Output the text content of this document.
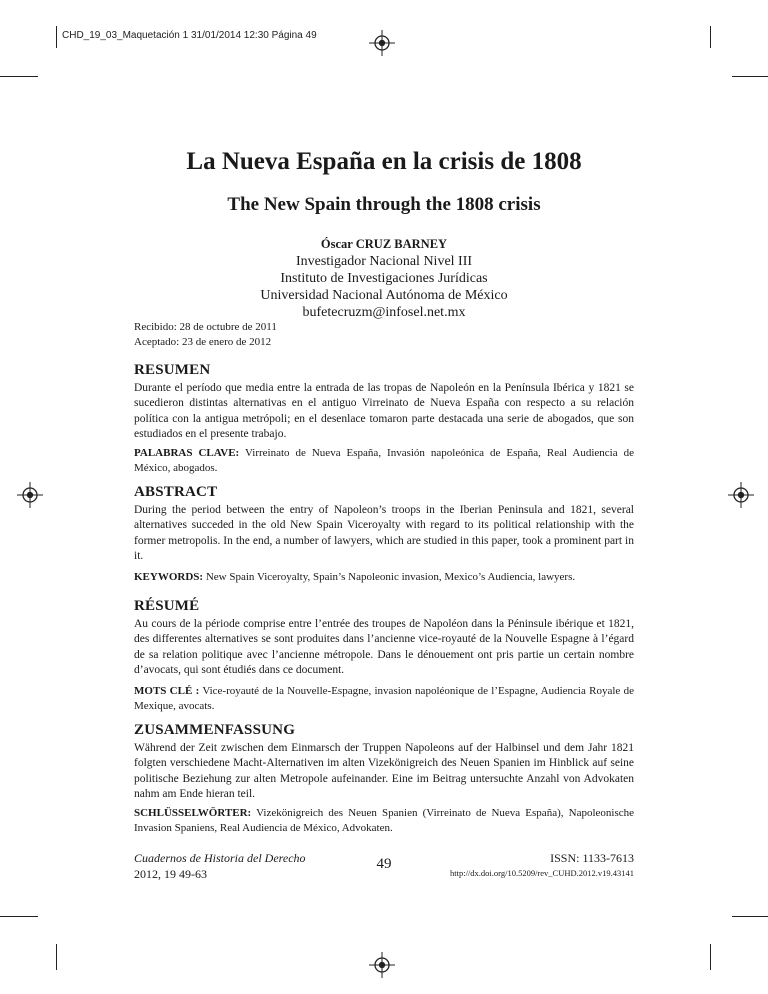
CHD_19_03_Maquetación 1 31/01/2014 12:30 Página 49
La Nueva España en la crisis de 1808
The New Spain through the 1808 crisis
Óscar CRUZ BARNEY
Investigador Nacional Nivel III
Instituto de Investigaciones Jurídicas
Universidad Nacional Autónoma de México
bufetecruzm@infosel.net.mx
Recibido: 28 de octubre de 2011
Aceptado: 23 de enero de 2012
RESUMEN

Durante el período que media entre la entrada de las tropas de Napoleón en la Península Ibérica y 1821 se sucedieron distintas alternativas en el antiguo Virreinato de Nueva España con respecto a su relación política con la antigua metrópoli; en el desenlace tomaron parte destacada una serie de abogados, que son estudiados en el presente trabajo.

PALABRAS CLAVE: Virreinato de Nueva España, Invasión napoleónica de España, Real Audiencia de México, abogados.

ABSTRACT

During the period between the entry of Napoleon’s troops in the Iberian Peninsula and 1821, several alternatives succeded in the old New Spain Viceroyalty with regard to its political relationship with the former metropolis. In the end, a number of lawyers, which are studied in this paper, took a prominent part in it.

KEYWORDS: New Spain Viceroyalty, Spain’s Napoleonic invasion, Mexico’s Audiencia, lawyers.

RÉSUMÉ

Au cours de la période comprise entre l’entrée des troupes de Napoléon dans la Péninsule ibérique et 1821, des differentes alternatives se sont produites dans l’ancienne vice-royauté de la Nouvelle Espagne à l’égard de sa relation politique avec l’ancienne métropole. Dans le dénouement ont pris partie un certain nombre d’avocats, qui sont étudiés dans ce document.

MOTS CLÉ : Vice-royauté de la Nouvelle-Espagne, invasion napoléonique de l’Espagne, Audiencia Royale de Mexique, avocats.

ZUSAMMENFASSUNG

Während der Zeit zwischen dem Einmarsch der Truppen Napoleons auf der Halbinsel und dem Jahr 1821 folgten verschiedene Macht-Alternativen im alten Vizekönigreich des Neuen Spanien im Hinblick auf seine politische Beziehung zur alten Metropole aufeinander. Eine im Beitrag untersuchte Anzahl von Advokaten nahm am Ende hieran teil.

SCHLÜSSELWÖRTER: Vizekönigreich des Neuen Spanien (Virreinato de Nueva España), Napoleonische Invasion Spaniens, Real Audiencia de México, Advokaten.

Cuadernos de Historia del Derecho
2012, 19 49-63
49	ISSN: 1133-7613
http://dx.doi.org/10.5209/rev_CUHD.2012.v19.43141
